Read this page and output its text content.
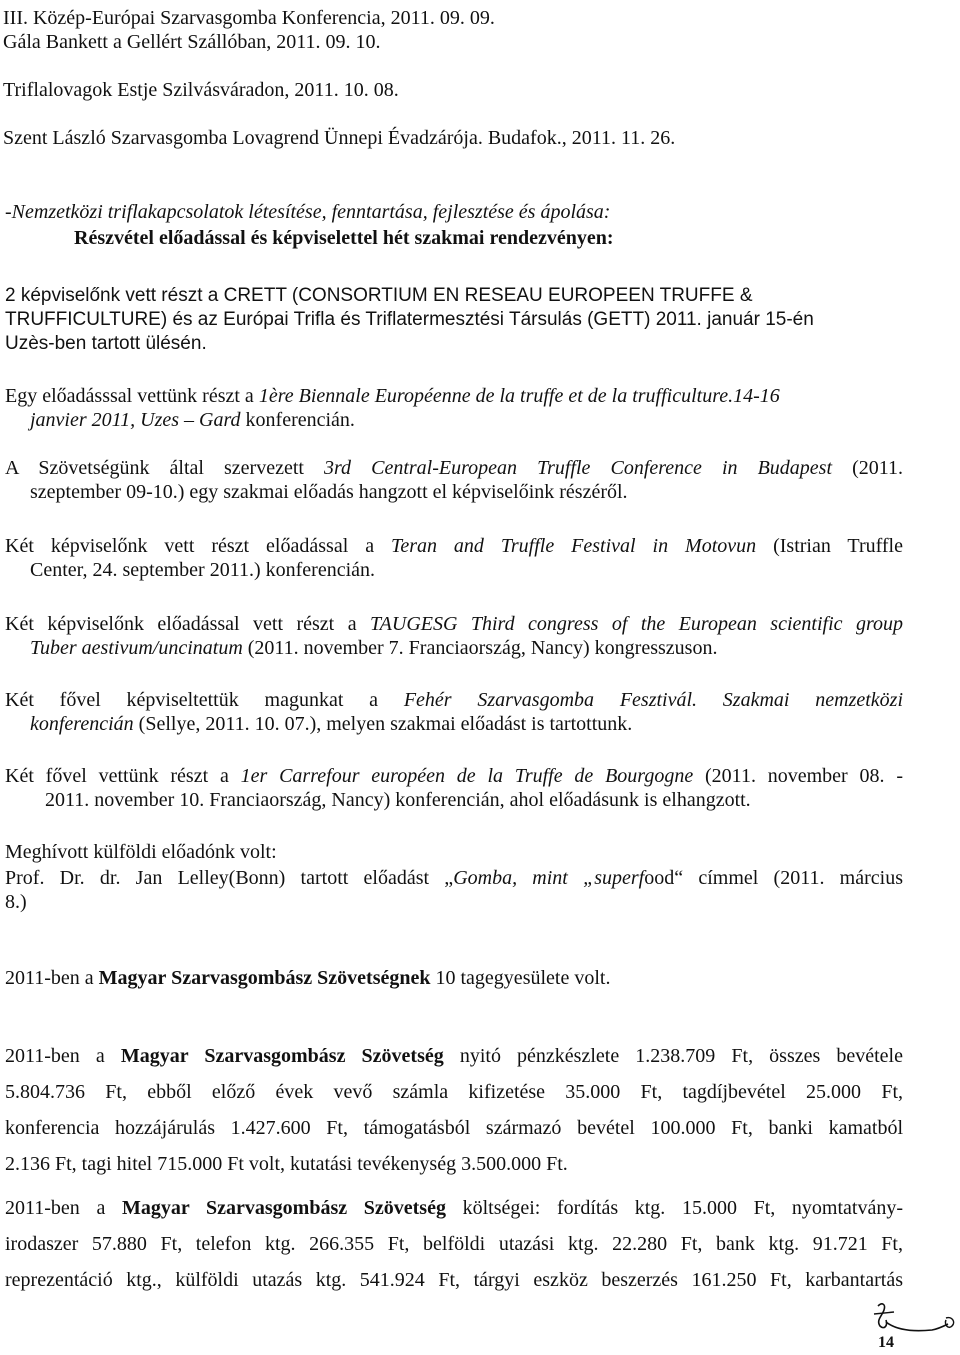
III. Közép-Európai Szarvasgomba Konferencia, 2011. 09. 09.
Gála Bankett a Gellért Szállóban, 2011. 09. 10.
Triflalovagok Estje Szilvásváradon, 2011. 10. 08.
Szent László Szarvasgomba Lovagrend Ünnepi Évadzárója. Budafok., 2011. 11. 26.
-Nemzetközi triflakapcsolatok létesítése, fenntartása, fejlesztése és ápolása:
Részvétel előadással és képviselettel hét szakmai rendezvényen:
2 képviselőnk vett részt a CRETT (CONSORTIUM EN RESEAU EUROPEEN TRUFFE &
TRUFFICULTURE) és az Európai Trifla és Triflatermesztési Társulás (GETT) 2011. január 15-én
Uzès-ben tartott ülésén.
Egy előadásssal vettünk részt a 1ère Biennale Européenne de la truffe et de la trufficulture.14-16
janvier 2011, Uzes – Gard konferencián.
A Szövetségünk által szervezett 3rd Central-European Truffle Conference in Budapest (2011.
szeptember 09-10.) egy szakmai előadás hangzott el képviselőink részéről.
Két képviselőnk vett részt előadással a Teran and Truffle Festival in Motovun (Istrian Truffle
Center, 24. september 2011.) konferencián.
Két képviselőnk előadással vett részt a TAUGESG Third congress of the European scientific group
Tuber aestivum/uncinatum (2011. november 7. Franciaország, Nancy) kongresszuson.
Két fővel képviseltettük magunkat a Fehér Szarvasgomba Fesztivál. Szakmai nemzetközi
konferencián (Sellye, 2011. 10. 07.), melyen szakmai előadást is tartottunk.
Két fővel vettünk részt a 1er Carrefour européen de la Truffe de Bourgogne (2011. november 08. -
2011. november 10. Franciaország, Nancy) konferencián, ahol előadásunk is elhangzott.
Meghívott külföldi előadónk volt:
Prof. Dr. dr. Jan Lelley(Bonn) tartott előadást „Gomba, mint „superfood“ címmel (2011. március
8.)
2011-ben a Magyar Szarvasgombász Szövetségnek 10 tagegyesülete volt.
2011-ben a Magyar Szarvasgombász Szövetség nyitó pénzkészlete 1.238.709 Ft, összes bevétele
5.804.736 Ft, ebből előző évek vevő számla kifizetése 35.000 Ft, tagdíjbevétel 25.000 Ft,
konferencia hozzájárulás 1.427.600 Ft, támogatásból származó bevétel 100.000 Ft, banki kamatból
2.136 Ft, tagi hitel 715.000 Ft volt, kutatási tevékenység 3.500.000 Ft.
2011-ben a Magyar Szarvasgombász Szövetség költségei: fordítás ktg. 15.000 Ft, nyomtatvány-
irodaszer 57.880 Ft, telefon ktg. 266.355 Ft, belföldi utazási ktg. 22.280 Ft, bank ktg. 91.721 Ft,
reprezentáció ktg., külföldi utazás ktg. 541.924 Ft, tárgyi eszköz beszerzés 161.250 Ft, karbantartás
14
